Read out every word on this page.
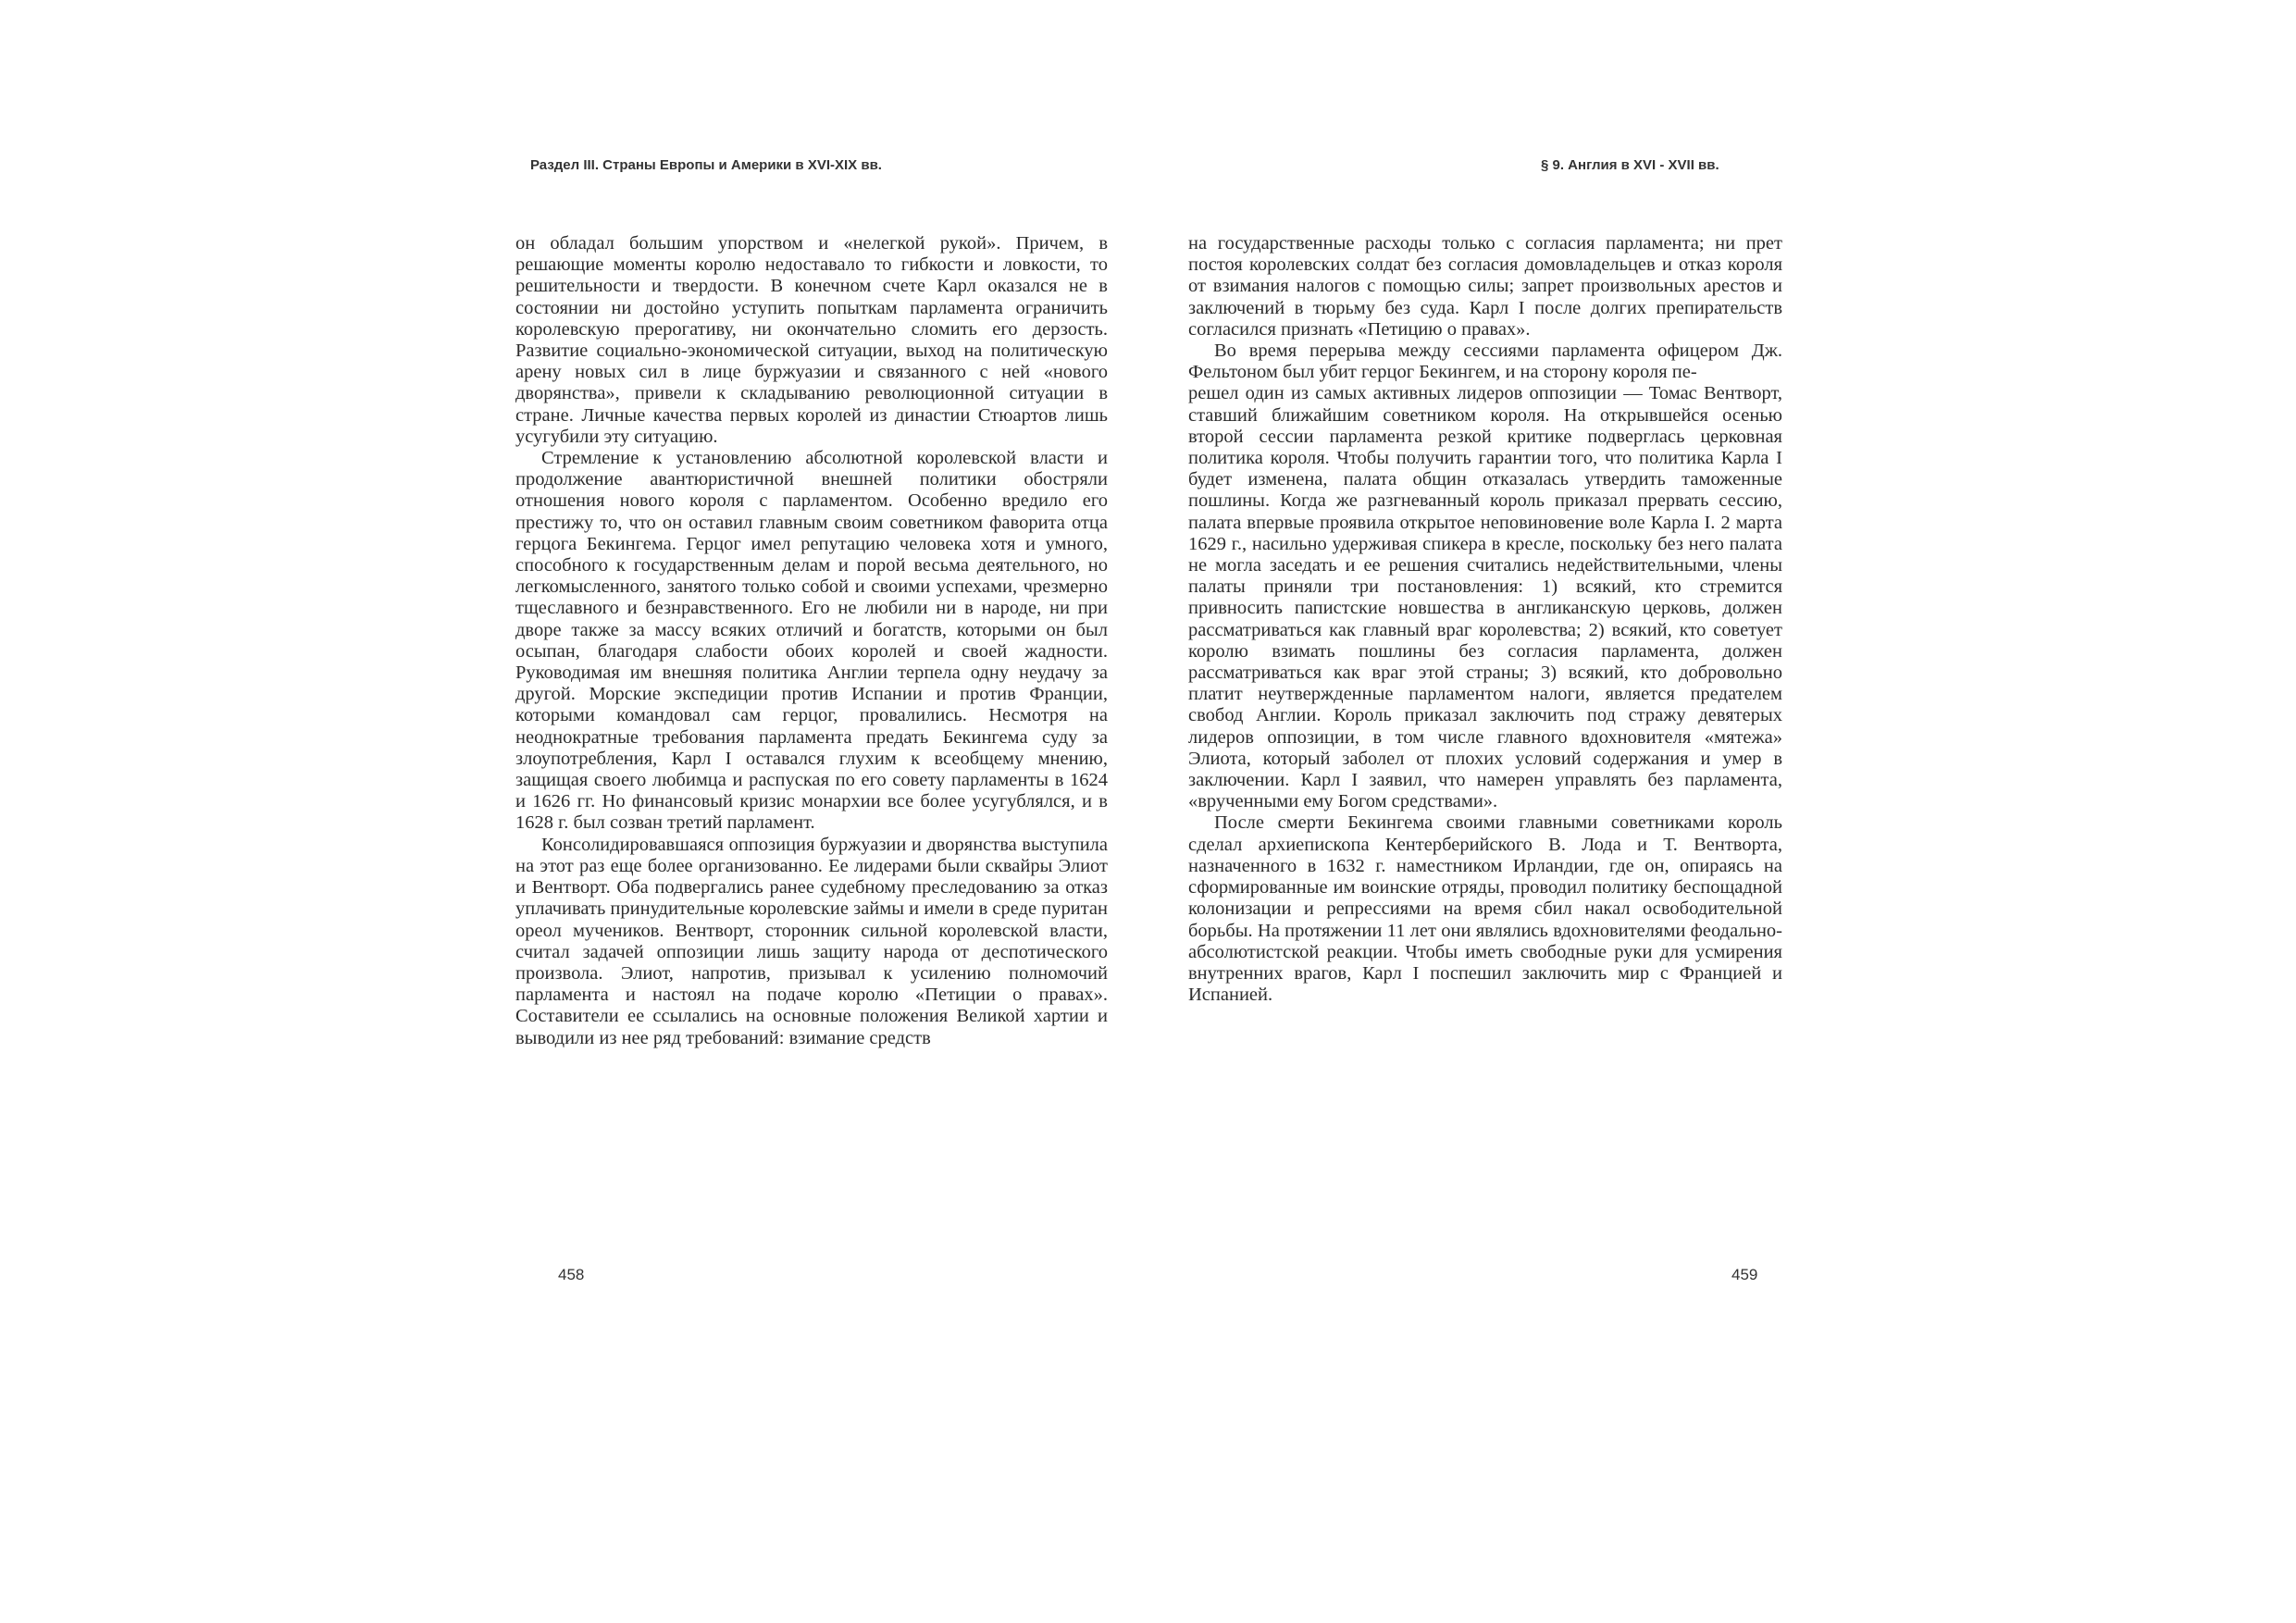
Раздел III. Страны Европы и Америки в XVI-XIX вв.

он обладал большим упорством и «нелегкой рукой». Причем, в решающие моменты королю недоставало то гибкости и ловкости, то решительности и твердости. В конечном счете Карл оказался не в состоянии ни достойно уступить попыткам парламента ограничить королевскую прерогативу, ни окончательно сломить его дерзость. Развитие социально-экономической ситуации, выход на политическую арену новых сил в лице буржуазии и связанного с ней «нового дворянства», привели к складыванию революционной ситуации в стране. Личные качества первых королей из династии Стюартов лишь усугубили эту ситуацию.

Стремление к установлению абсолютной королевской власти и продолжение авантюристичной внешней политики обостряли отношения нового короля с парламентом. Особенно вредило его престижу то, что он оставил главным своим советником фаворита отца герцога Бекингема. Герцог имел репутацию человека хотя и умного, способного к государственным делам и порой весьма деятельного, но легкомысленного, занятого только собой и своими успехами, чрезмерно тщеславного и безнравственного. Его не любили ни в народе, ни при дворе также за массу всяких отличий и богатств, которыми он был осыпан, благодаря слабости обоих королей и своей жадности. Руководимая им внешняя политика Англии терпела одну неудачу за другой. Морские экспедиции против Испании и против Франции, которыми командовал сам герцог, провалились. Несмотря на неоднократные требования парламента предать Бекингема суду за злоупотребления, Карл I оставался глухим к всеобщему мнению, защищая своего любимца и распуская по его совету парламенты в 1624 и 1626 гг. Но финансовый кризис монархии все более усугублялся, и в 1628 г. был созван третий парламент.

Консолидировавшаяся оппозиция буржуазии и дворянства выступила на этот раз еще более организованно. Ее лидерами были сквайры Элиот и Вентворт. Оба подвергались ранее судебному преследованию за отказ уплачивать принудительные королевские займы и имели в среде пуритан ореол мучеников. Вентворт, сторонник сильной королевской власти, считал задачей оппозиции лишь защиту народа от деспотического произвола. Элиот, напротив, призывал к усилению полномочий парламента и настоял на подаче королю «Петиции о правах». Составители ее ссылались на основные положения Великой хартии и выводили из нее ряд требований: взимание средств

458
§ 9. Англия в XVI - XVII вв.

на государственные расходы только с согласия парламента; ни прет постоя королевских солдат без согласия домовладельцев и отказ короля от взимания налогов с помощью силы; запрет произвольных арестов и заключений в тюрьму без суда. Карл I после долгих препирательств согласился признать «Петицию о правах».

Во время перерыва между сессиями парламента офицером Дж. Фельтоном был убит герцог Бекингем, и на сторону короля пе-

решел один из самых активных лидеров оппозиции — Томас Вентворт, ставший ближайшим советником короля. На открывшейся осенью второй сессии парламента резкой критике подверглась церковная политика короля. Чтобы получить гарантии того, что политика Карла I будет изменена, палата общин отказалась утвердить таможенные пошлины. Когда же разгневанный король приказал прервать сессию, палата впервые проявила открытое неповиновение воле Карла I. 2 марта 1629 г., насильно удерживая спикера в кресле, поскольку без него палата не могла заседать и ее решения считались недействительными, члены палаты приняли три постановления: 1) всякий, кто стремится привносить папистские новшества в англиканскую церковь, должен рассматриваться как главный враг королевства; 2) всякий, кто советует королю взимать пошлины без согласия парламента, должен рассматриваться как враг этой страны; 3) всякий, кто добровольно платит неутвержденные парламентом налоги, является предателем свобод Англии. Король приказал заключить под стражу девятерых лидеров оппозиции, в том числе главного вдохновителя «мятежа» Элиота, который заболел от плохих условий содержания и умер в заключении. Карл I заявил, что намерен управлять без парламента, «врученными ему Богом средствами».

После смерти Бекингема своими главными советниками король сделал архиепископа Кентерберийского В. Лода и Т. Вентворта, назначенного в 1632 г. наместником Ирландии, где он, опираясь на сформированные им воинские отряды, проводил политику беспощадной колонизации и репрессиями на время сбил накал освободительной борьбы. На протяжении 11 лет они являлись вдохновителями феодально-абсолютистской реакции. Чтобы иметь свободные руки для усмирения внутренних врагов, Карл I поспешил заключить мир с Францией и Испанией.

459
